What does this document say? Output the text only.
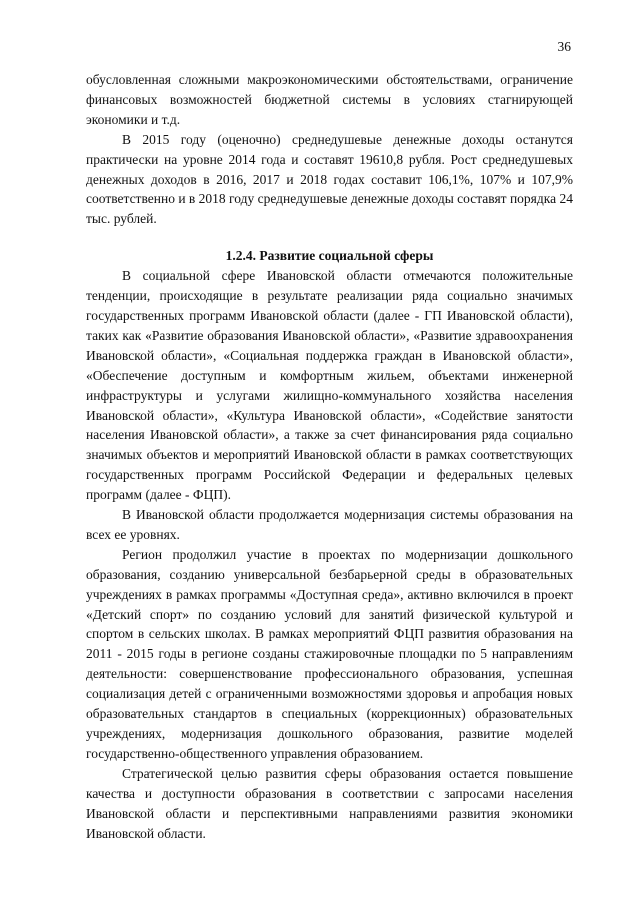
36

обусловленная сложными макроэкономическими обстоятельствами, ограничение финансовых возможностей бюджетной системы в условиях стагнирующей экономики и т.д.

В 2015 году (оценочно) среднедушевые денежные доходы останутся практически на уровне 2014 года и составят 19610,8 рубля. Рост среднедушевых денежных доходов в 2016, 2017 и 2018 годах составит 106,1%, 107% и 107,9% соответственно и в 2018 году среднедушевые денежные доходы составят порядка 24 тыс. рублей.

1.2.4. Развитие социальной сферы

В социальной сфере Ивановской области отмечаются положительные тенденции, происходящие в результате реализации ряда социально значимых государственных программ Ивановской области (далее - ГП Ивановской области), таких как «Развитие образования Ивановской области», «Развитие здравоохранения Ивановской области», «Социальная поддержка граждан в Ивановской области», «Обеспечение доступным и комфортным жильем, объектами инженерной инфраструктуры и услугами жилищно-коммунального хозяйства населения Ивановской области», «Культура Ивановской области», «Содействие занятости населения Ивановской области», а также за счет финансирования ряда социально значимых объектов и мероприятий Ивановской области в рамках соответствующих государственных программ Российской Федерации и федеральных целевых программ (далее - ФЦП).

В Ивановской области продолжается модернизация системы образования на всех ее уровнях.

Регион продолжил участие в проектах по модернизации дошкольного образования, созданию универсальной безбарьерной среды в образовательных учреждениях в рамках программы «Доступная среда», активно включился в проект «Детский спорт» по созданию условий для занятий физической культурой и спортом в сельских школах. В рамках мероприятий ФЦП развития образования на 2011 - 2015 годы в регионе созданы стажировочные площадки по 5 направлениям деятельности: совершенствование профессионального образования, успешная социализация детей с ограниченными возможностями здоровья и апробация новых образовательных стандартов в специальных (коррекционных) образовательных учреждениях, модернизация дошкольного образования, развитие моделей государственно-общественного управления образованием.

Стратегической целью развития сферы образования остается повышение качества и доступности образования в соответствии с запросами населения Ивановской области и перспективными направлениями развития экономики Ивановской области.
